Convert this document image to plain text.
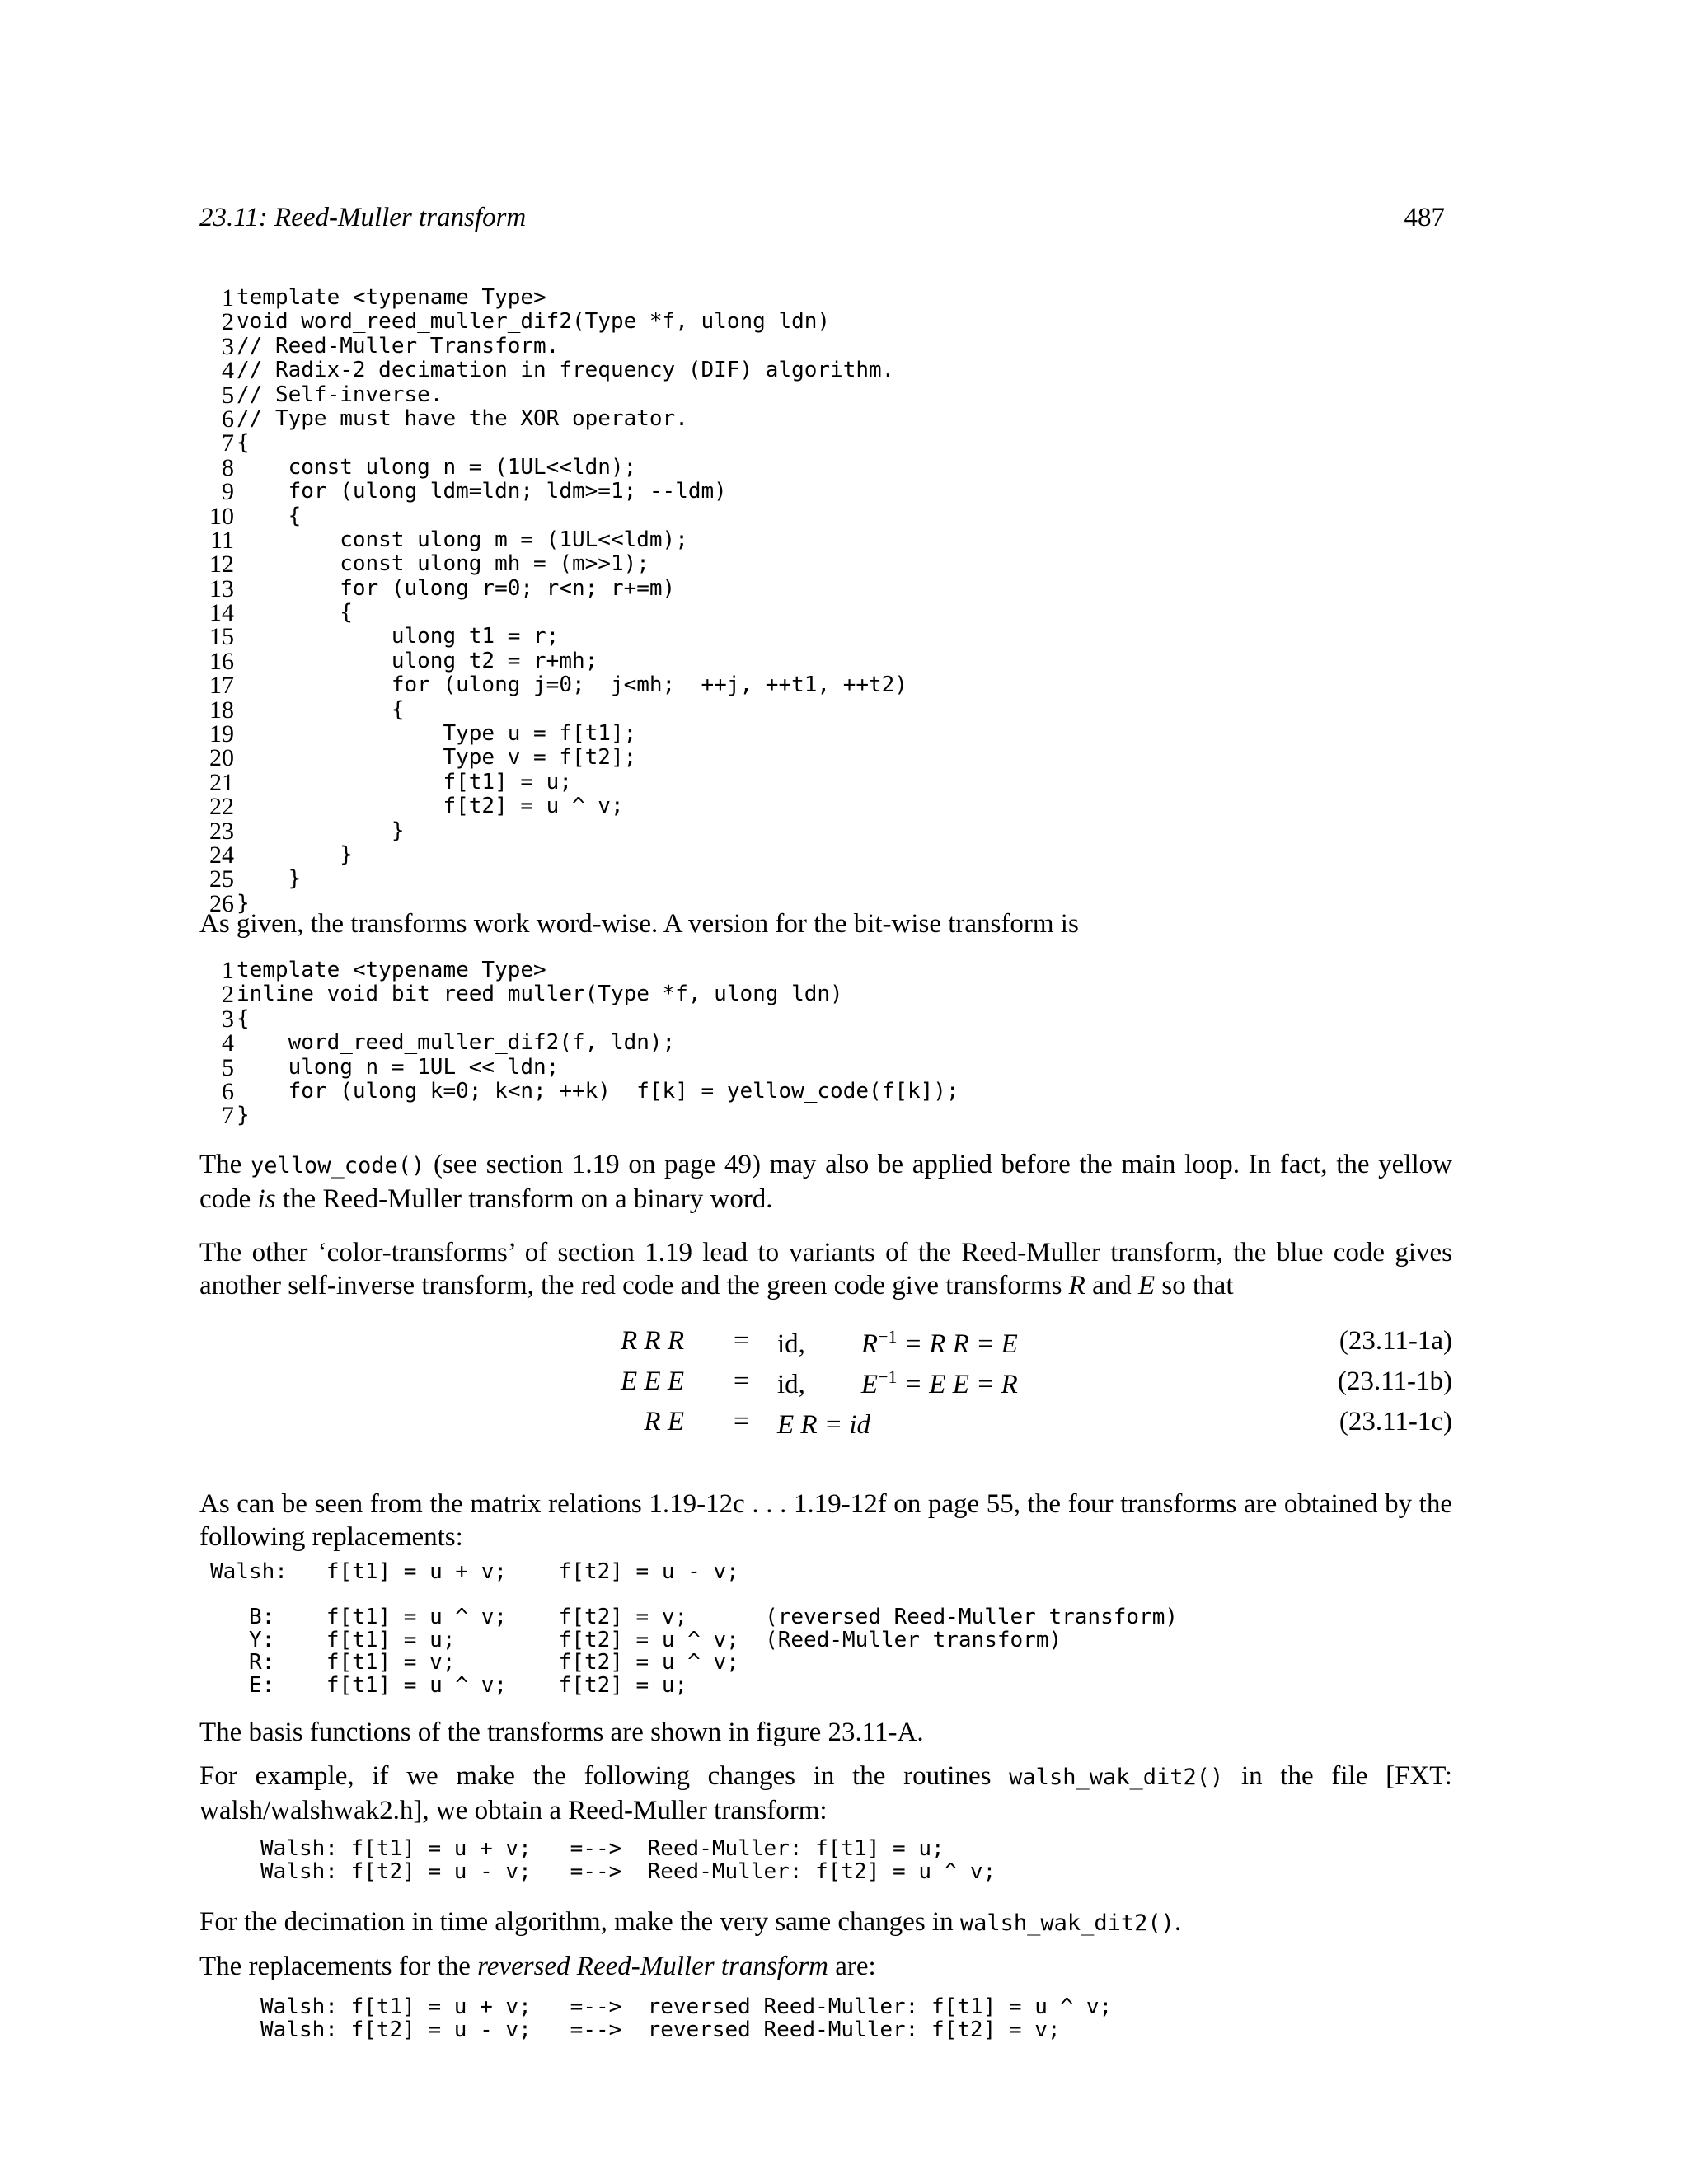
23.11: Reed-Muller transform	487
1 template <typename Type>
2 void word_reed_muller_dif2(Type *f, ulong ldn)
3 // Reed-Muller Transform.
4 // Radix-2 decimation in frequency (DIF) algorithm.
5 // Self-inverse.
6 // Type must have the XOR operator.
7 {
8 const ulong n = (1UL<<ldn);
9 for (ulong ldm=ldn; ldm>=1; --ldm)
10 {
11 const ulong m = (1UL<<ldm);
12 const ulong mh = (m>>1);
13 for (ulong r=0; r<n; r+=m)
14 {
15 ulong t1 = r;
16 ulong t2 = r+mh;
17 for (ulong j=0;  j<mh;  ++j, ++t1, ++t2)
18 {
19 Type u = f[t1];
20 Type v = f[t2];
21 f[t1] = u;
22 f[t2] = u ^ v;
23 }
24 }
25 }
26 }
As given, the transforms work word-wise. A version for the bit-wise transform is
1 template <typename Type>
2 inline void bit_reed_muller(Type *f, ulong ldn)
3 {
4 word_reed_muller_dif2(f, ldn);
5 ulong n = 1UL << ldn;
6 for (ulong k=0; k<n; ++k)  f[k] = yellow_code(f[k]);
7 }
The yellow_code() (see section 1.19 on page 49) may also be applied before the main loop. In fact, the yellow code is the Reed-Muller transform on a binary word.
The other ‘color-transforms’ of section 1.19 lead to variants of the Reed-Muller transform, the blue code gives another self-inverse transform, the red code and the green code give transforms R and E so that
R R R = id, $R^{-1} = R$ R = E	(23.11-1a)
E E E = id, $E^{-1} = E$ E = R	(23.11-1b)
R E = E R = id	(23.11-1c)
As can be seen from the matrix relations 1.19-12c . . . 1.19-12f on page 55, the four transforms are obtained by the following replacements:
Walsh:   f[t1] = u + v;    f[t2] = u - v;
B:    f[t1] = u ^ v;    f[t2] = v;      (reversed Reed-Muller transform)
Y:    f[t1] = u;        f[t2] = u ^ v;  (Reed-Muller transform)
R:    f[t1] = v;        f[t2] = u ^ v;
E:    f[t1] = u ^ v;    f[t2] = u;
The basis functions of the transforms are shown in figure 23.11-A.
For example, if we make the following changes in the routines walsh_wak_dit2() in the file [FXT: walsh/walshwak2.h], we obtain a Reed-Muller transform:
Walsh: f[t1] = u + v;   =-->  Reed-Muller: f[t1] = u;
Walsh: f[t2] = u - v;   =-->  Reed-Muller: f[t2] = u ^ v;
For the decimation in time algorithm, make the very same changes in walsh_wak_dit2().
The replacements for the reversed Reed-Muller transform are:
Walsh: f[t1] = u + v;   =-->  reversed Reed-Muller: f[t1] = u ^ v;
Walsh: f[t2] = u - v;   =-->  reversed Reed-Muller: f[t2] = v;
